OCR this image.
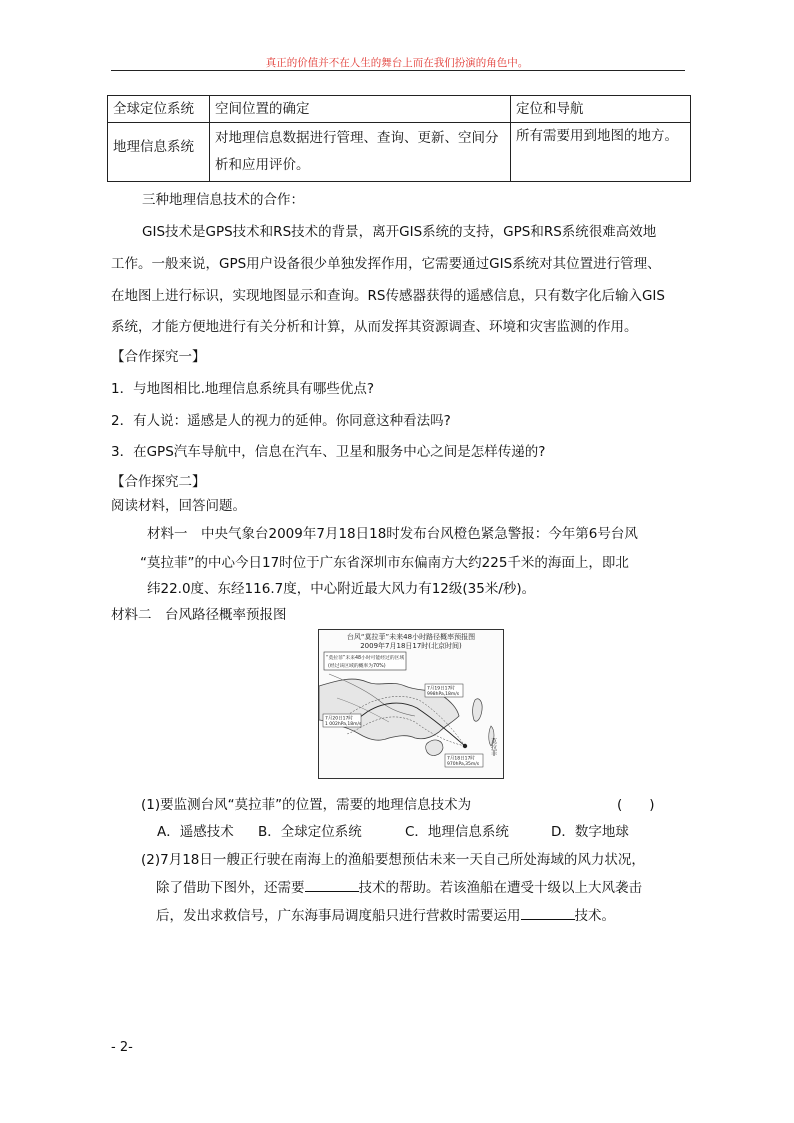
真正的价值并不在人生的舞台上而在我们扮演的角色中。
全球定位系统	空间位置的确定	定位和导航
地理信息系统	对地理信息数据进行管理、查询、更新、空间分析和应用评价。	所有需要用到地图的地方。
三种地理信息技术的合作：
GIS技术是GPS技术和RS技术的背景，离开GIS系统的支持，GPS和RS系统很难高效地
工作。一般来说，GPS用户设备很少单独发挥作用，它需要通过GIS系统对其位置进行管理、
在地图上进行标识，实现地图显示和查询。RS传感器获得的遥感信息，只有数字化后输入GIS
系统，才能方便地进行有关分析和计算，从而发挥其资源调查、环境和灾害监测的作用。
【合作探究一】
1．与地图相比.地理信息系统具有哪些优点?
2．有人说：遥感是人的视力的延伸。你同意这种看法吗?
3．在GPS汽车导航中，信息在汽车、卫星和服务中心之间是怎样传递的?
【合作探究二】
阅读材料，回答问题。
材料一　中央气象台2009年7月18日18时发布台风橙色紧急警报：今年第6号台风
“莫拉菲”的中心今日17时位于广东省深圳市东偏南方大约225千米的海面上，即北
纬22.0度、东经116.7度，中心附近最大风力有12级(35米/秒)。
材料二　台风路径概率预报图
台风“莫拉菲”未来48小时路径概率预报图
2009年7月18日17时(北京时间)
“莫拉菲”未来48小时可能经过的区域
(经过该区域的概率为70%)
7月19日17时
998hPa,18m/s
7月20日17时
1 002hPa,18m/s
7月18日17时
970hPa,35m/s
莫拉菲
(1)要监测台风“莫拉菲”的位置，需要的地理信息技术为	(　　)
A．遥感技术 B．全球定位系统	C．地理信息系统	D．数字地球
(2)7月18日一艘正行驶在南海上的渔船要想预估未来一天自己所处海域的风力状况，
除了借助下图外，还需要	技术的帮助。若该渔船在遭受十级以上大风袭击
后，发出求救信号，广东海事局调度船只进行营救时需要运用	技术。
- 2-
